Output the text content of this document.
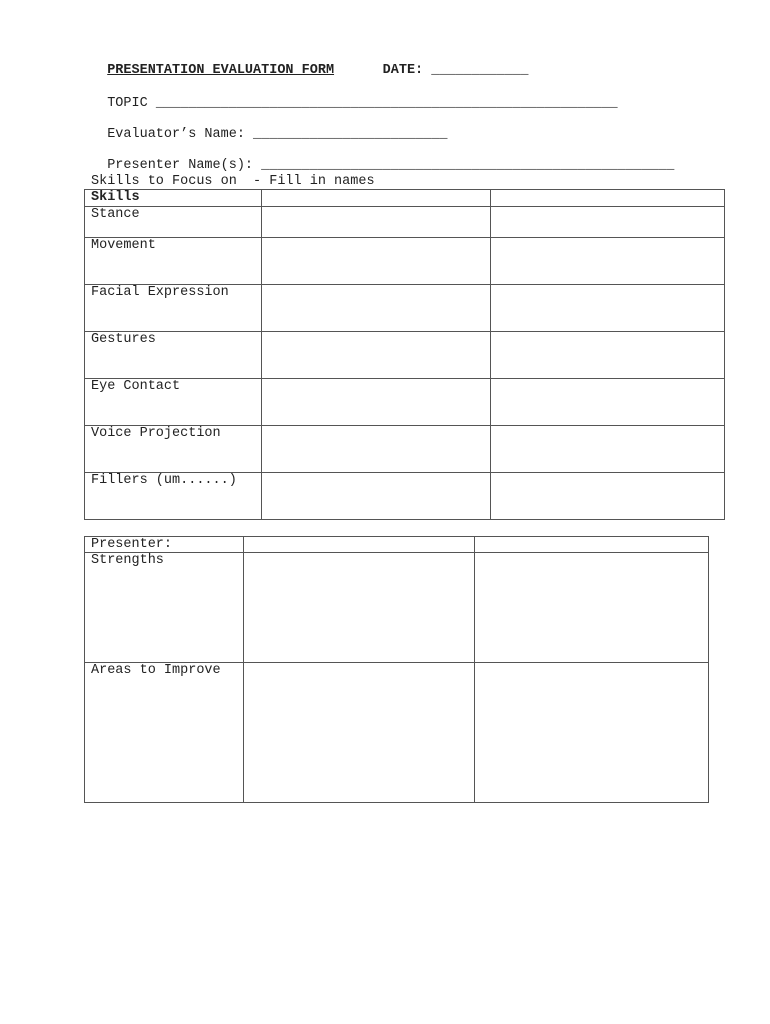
PRESENTATION EVALUATION FORM	DATE: ____________

TOPIC _________________________________________________________

Evaluator’s Name: ________________________

Presenter Name(s): ___________________________________________________

Skills to Focus on  - Fill in names
Skills		
Stance		
Movement		
Facial Expression		
Gestures		
Eye Contact		
Voice Projection		
Fillers (um......)		
Presenter:		
Strengths		
Areas to Improve		
